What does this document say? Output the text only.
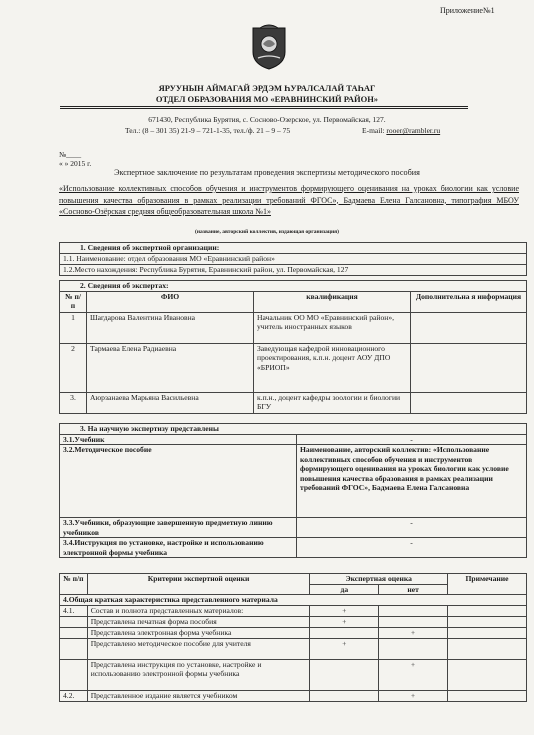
Приложение№1
ЯРУУНЫН АЙМАГАЙ ЭРДЭМ ҺУРАЛСАЛАЙ ТАҺАГ
ОТДЕЛ ОБРАЗОВАНИЯ МО «ЕРАВНИНСКИЙ РАЙОН»
671430, Республика Бурятия, с. Сосново-Озерское, ул. Первомайская, 127.
Тел.: (8 – 301 35) 21-9 – 721-1-35, тел./ф. 21 – 9 – 75	E-mail: rooer@rambler.ru
№____
« » 2015 г.
Экспертное заключение по результатам проведения экспертизы методического пособия
«Использование коллективных способов обучения и инструментов формирующего оценивания на уроках биологии как условие повышения качества образования в рамках реализации требований ФГОС», Бадмаева Елена Галсановна, типография МБОУ «Сосново-Озёрская средняя общеобразовательная школа №1»
(название, авторский коллектив, издающая организация)
1. Сведения об экспертной организации:
1.1. Наименование: отдел образования МО «Еравнинский район»
1.2.Место нахождения: Республика Бурятия, Еравнинский район, ул. Первомайская, 127
2. Сведения об экспертах:			
№ п/п	ФИО	квалификация	Дополнительна я информация
1	Шагдарова Валентина Ивановна	Начальник ОО МО «Еравнинский район», учитель иностранных языков	
2	Тармаева Елена Радиаевна	Заведующая кафедрой инновационного проектирования, к.п.н. доцент АОУ ДПО «БРИОП»	
3.	Аюрзанаева Марьяна Васильевна	к.п.н., доцент кафедры зоологии и биологии БГУ	
3. На научную экспертизу представлены	
3.1.Учебник	-
3.2.Методическое пособие	Наименование, авторский коллектив: «Использование коллективных способов обучения и инструментов формирующего оценивания на уроках биологии как условие повышения качества образования в рамках реализации требований ФГОС», Бадмаева Елена Галсановна
3.3.Учебники, образующие завершенную предметную линию учебников	-
3.4.Инструкция по установке, настройке и использованию электронной формы учебника	-
№ п/п	Критерии экспертной оценки	Экспертная оценка		Примечание
		да	нет	
4.Общая краткая характеристика представленного материала				
4.1.	Состав и полнота представленных материалов:	+		
	Представлена печатная форма пособия	+		
	Представлена электронная форма учебника		+	
	Представлено методическое пособие для учителя	+		
	Представлена инструкция по установке, настройке и использованию электронной формы учебника		+	
4.2.	Представленное издание является учебником		+	
